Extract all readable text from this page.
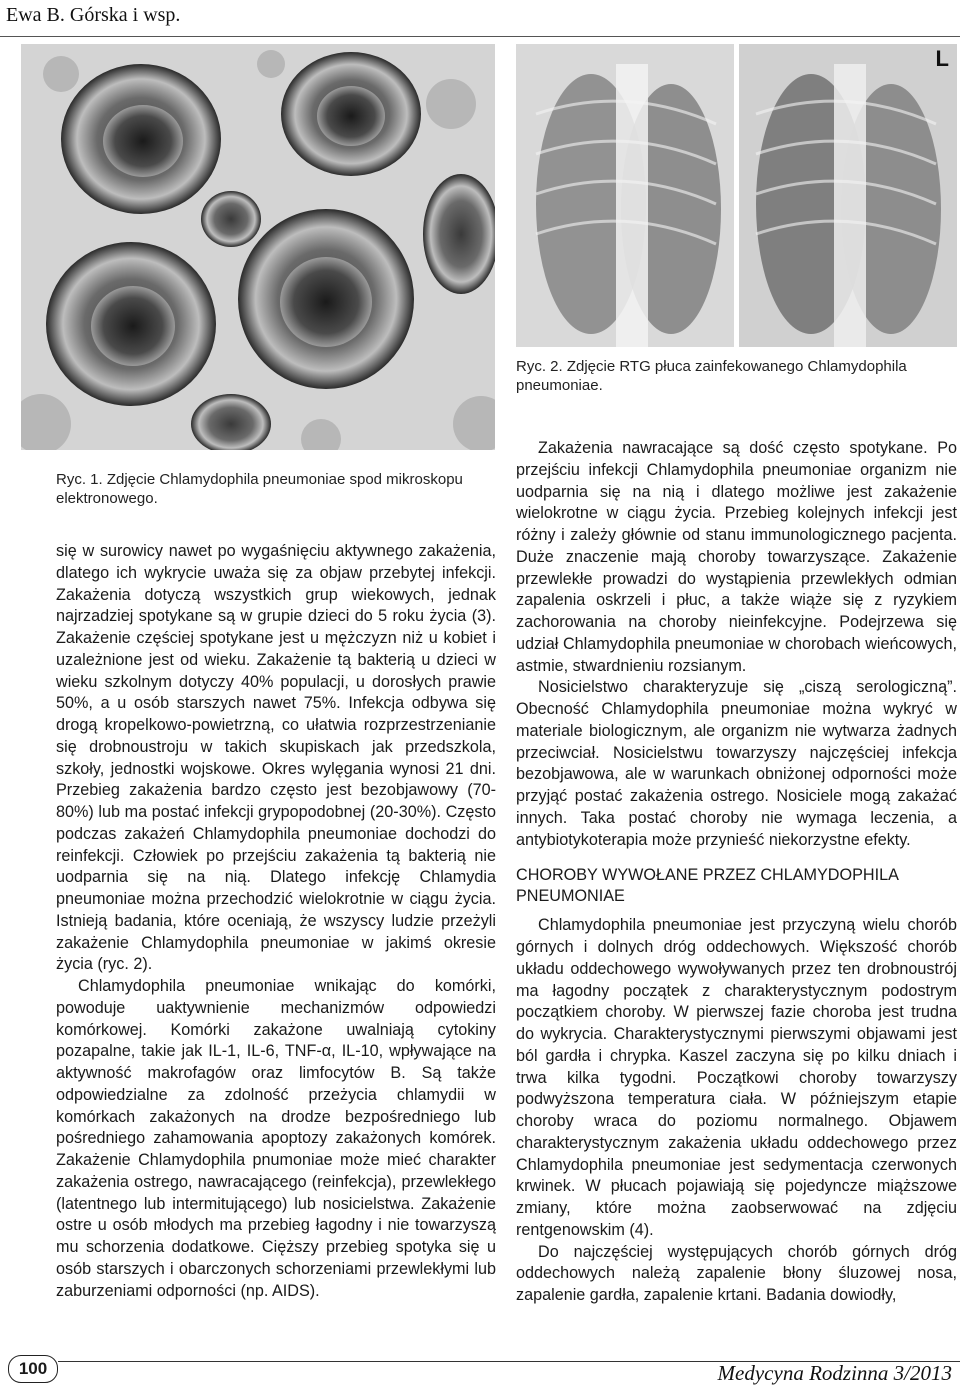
Ewa B. Górska i wsp.
L
Ryc. 2. Zdjęcie RTG płuca zainfekowanego Chlamydophila pneumoniae.
Ryc. 1. Zdjęcie Chlamydophila pneumoniae spod mikroskopu elektronowego.

się w surowicy nawet po wygaśnięciu aktywnego zakażenia, dlatego ich wykrycie uważa się za objaw przebytej infekcji. Zakażenia dotyczą wszystkich grup wiekowych, jednak najrzadziej spotykane są w grupie dzieci do 5 roku życia (3). Zakażenie częściej spotykane jest u mężczyzn niż u kobiet i uzależnione jest od wieku. Zakażenie tą bakterią u dzieci w wieku szkolnym dotyczy 40% populacji, u dorosłych prawie 50%, a u osób starszych nawet 75%. Infekcja odbywa się drogą kropelkowo-powietrzną, co ułatwia rozprzestrzenianie się drobnoustroju w takich skupiskach jak przedszkola, szkoły, jednostki wojskowe. Okres wylęgania wynosi 21 dni. Przebieg zakażenia bardzo często jest bezobjawowy (70-80%) lub ma postać infekcji grypopodobnej (20-30%). Często podczas zakażeń Chlamydophila pneumoniae dochodzi do reinfekcji. Człowiek po przejściu zakażenia tą bakterią nie uodparnia się na nią. Dlatego infekcję Chlamydia pneumoniae można przechodzić wielokrotnie w ciągu życia. Istnieją badania, które oceniają, że wszyscy ludzie przeżyli zakażenie Chlamydophila pneumoniae w jakimś okresie życia (ryc. 2).

Chlamydophila pneumoniae wnikając do komórki, powoduje uaktywnienie mechanizmów odpowiedzi komórkowej. Komórki zakażone uwalniają cytokiny pozapalne, takie jak IL-1, IL-6, TNF-α, IL-10, wpływające na aktywność makrofagów oraz limfocytów B. Są także odpowiedzialne za zdolność przeżycia chlamydii w komórkach zakażonych na drodze bezpośredniego lub pośredniego zahamowania apoptozy zakażonych komórek. Zakażenie Chlamydophila pnumoniae może mieć charakter zakażenia ostrego, nawracającego (reinfekcja), przewlekłego (latentnego lub intermitującego) lub nosicielstwa. Zakażenie ostre u osób młodych ma przebieg łagodny i nie towarzyszą mu schorzenia dodatkowe. Cięższy przebieg spotyka się u osób starszych i obarczonych schorzeniami przewlekłymi lub zaburzeniami odporności (np. AIDS).

Zakażenia nawracające są dość często spotykane. Po przejściu infekcji Chlamydophila pneumoniae organizm nie uodparnia się na nią i dlatego możliwe jest zakażenie wielokrotne w ciągu życia. Przebieg kolejnych infekcji jest różny i zależy głównie od stanu immunologicznego pacjenta. Duże znaczenie mają choroby towarzyszące. Zakażenie przewlekłe prowadzi do wystąpienia przewlekłych odmian zapalenia oskrzeli i płuc, a także wiąże się z ryzykiem zachorowania na choroby nieinfekcyjne. Podejrzewa się udział Chlamydophila pneumoniae w chorobach wieńcowych, astmie, stwardnieniu rozsianym.

Nosicielstwo charakteryzuje się „ciszą serologiczną”. Obecność Chlamydophila pneumoniae można wykryć w materiale biologicznym, ale organizm nie wytwarza żadnych przeciwciał. Nosicielstwu towarzyszy najczęściej infekcja bezobjawowa, ale w warunkach obniżonej odporności może przyjąć postać zakażenia ostrego. Nosiciele mogą zakażać innych. Taka postać choroby nie wymaga leczenia, a antybiotykoterapia może przynieść niekorzystne efekty.

CHOROBY WYWOŁANE PRZEZ CHLAMYDOPHILA PNEUMONIAE

Chlamydophila pneumoniae jest przyczyną wielu chorób górnych i dolnych dróg oddechowych. Większość chorób układu oddechowego wywoływanych przez ten drobnoustrój ma łagodny początek z charakterystycznym podostrym początkiem choroby. W pierwszej fazie choroba jest trudna do wykrycia. Charakterystycznymi pierwszymi objawami jest ból gardła i chrypka. Kaszel zaczyna się po kilku dniach i trwa kilka tygodni. Początkowi choroby towarzyszy podwyższona temperatura ciała. W późniejszym etapie choroby wraca do poziomu normalnego. Objawem charakterystycznym zakażenia układu oddechowego przez Chlamydophila pneumoniae jest sedymentacja czerwonych krwinek. W płucach pojawiają się pojedyncze miąższowe zmiany, które można zaobserwować na zdjęciu rentgenowskim (4).

Do najczęściej występujących chorób górnych dróg oddechowych należą zapalenie błony śluzowej nosa, zapalenie gardła, zapalenie krtani. Badania dowiodły,

100	Medycyna Rodzinna 3/2013
